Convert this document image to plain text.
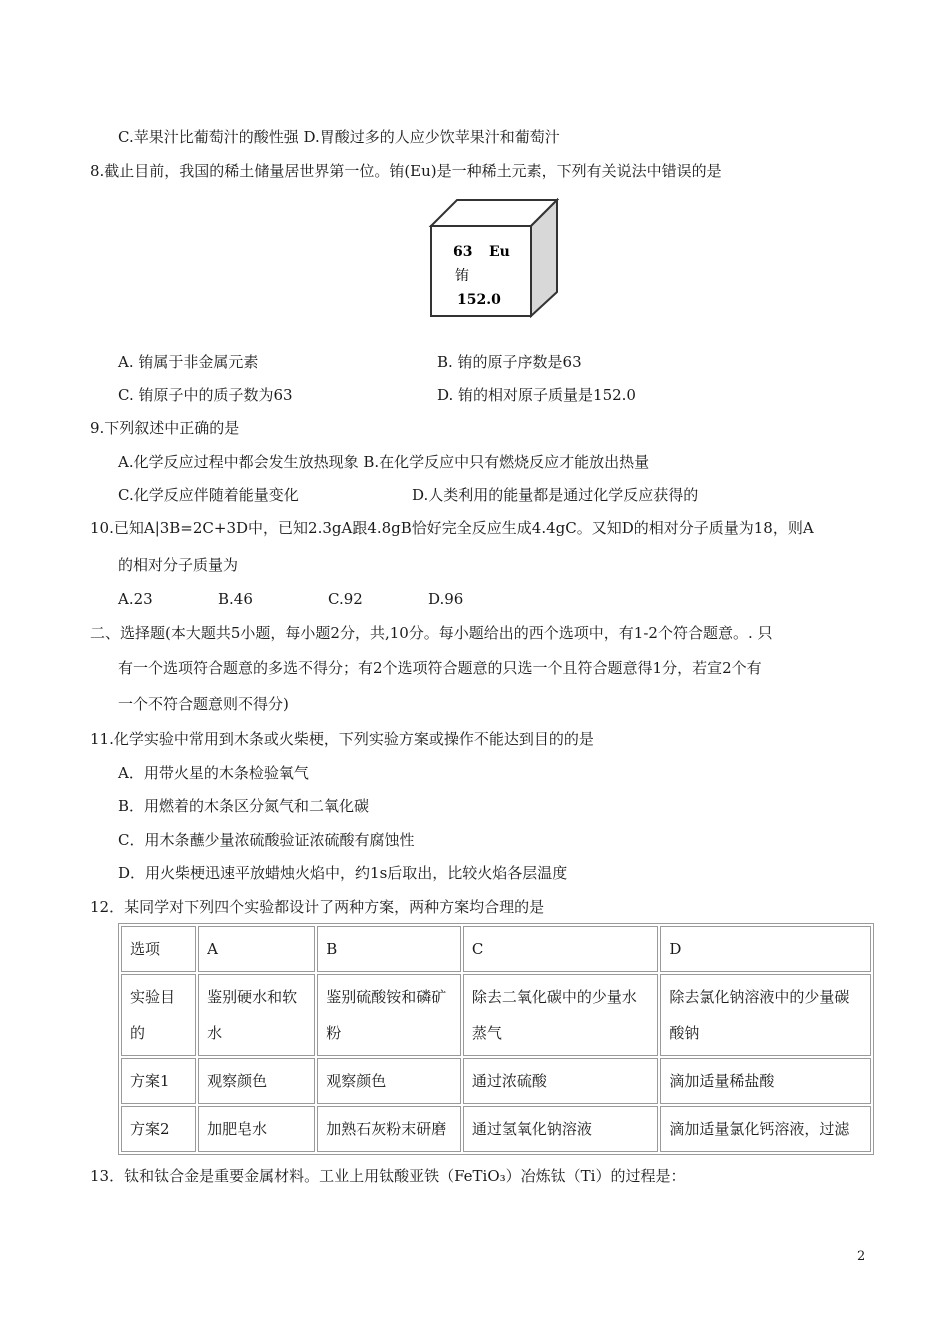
C.苹果汁比葡萄汁的酸性强 D.胃酸过多的人应少饮苹果汁和葡萄汁
8.截止目前，我国的稀土储量居世界第一位。铕(Eu)是一种稀土元素，下列有关说法中错误的是
63 Eu
铕
152.0
A. 铕属于非金属元素	B. 铕的原子序数是63
C. 铕原子中的质子数为63	D. 铕的相对原子质量是152.0
9.下列叙述中正确的是
A.化学反应过程中都会发生放热现象 B.在化学反应中只有燃烧反应才能放出热量
C.化学反应伴随着能量变化	D.人类利用的能量都是通过化学反应获得的
10.已知A|3B=2C+3D中，已知2.3gA跟4.8gB恰好完全反应生成4.4gC。又知D的相对分子质量为18，则A
的相对分子质量为
A.23	B.46	C.92	D.96
二、选择题(本大题共5小题，每小题2分，共,10分。每小题给出的西个选项中，有1-2个符合题意。. 只
有一个选项符合题意的多选不得分；有2个选项符合题意的只选一个且符合题意得1分，若宣2个有
一个不符合题意则不得分)
11.化学实验中常用到木条或火柴梗，下列实验方案或操作不能达到目的的是
A．用带火星的木条检验氧气
B．用燃着的木条区分氮气和二氧化碳
C．用木条蘸少量浓硫酸验证浓硫酸有腐蚀性
D．用火柴梗迅速平放蜡烛火焰中，约1s后取出，比较火焰各层温度
12．某同学对下列四个实验都设计了两种方案，两种方案均合理的是
选项	A	B	C	D
实验目的	鉴别硬水和软水	鉴别硫酸铵和磷矿粉	除去二氧化碳中的少量水蒸气	除去氯化钠溶液中的少量碳酸钠
方案1	观察颜色	观察颜色	通过浓硫酸	滴加适量稀盐酸
方案2	加肥皂水	加熟石灰粉末研磨	通过氢氧化钠溶液	滴加适量氯化钙溶液，过滤
13．钛和钛合金是重要金属材料。工业上用钛酸亚铁（FeTiO₃）冶炼钛（Ti）的过程是：
2
